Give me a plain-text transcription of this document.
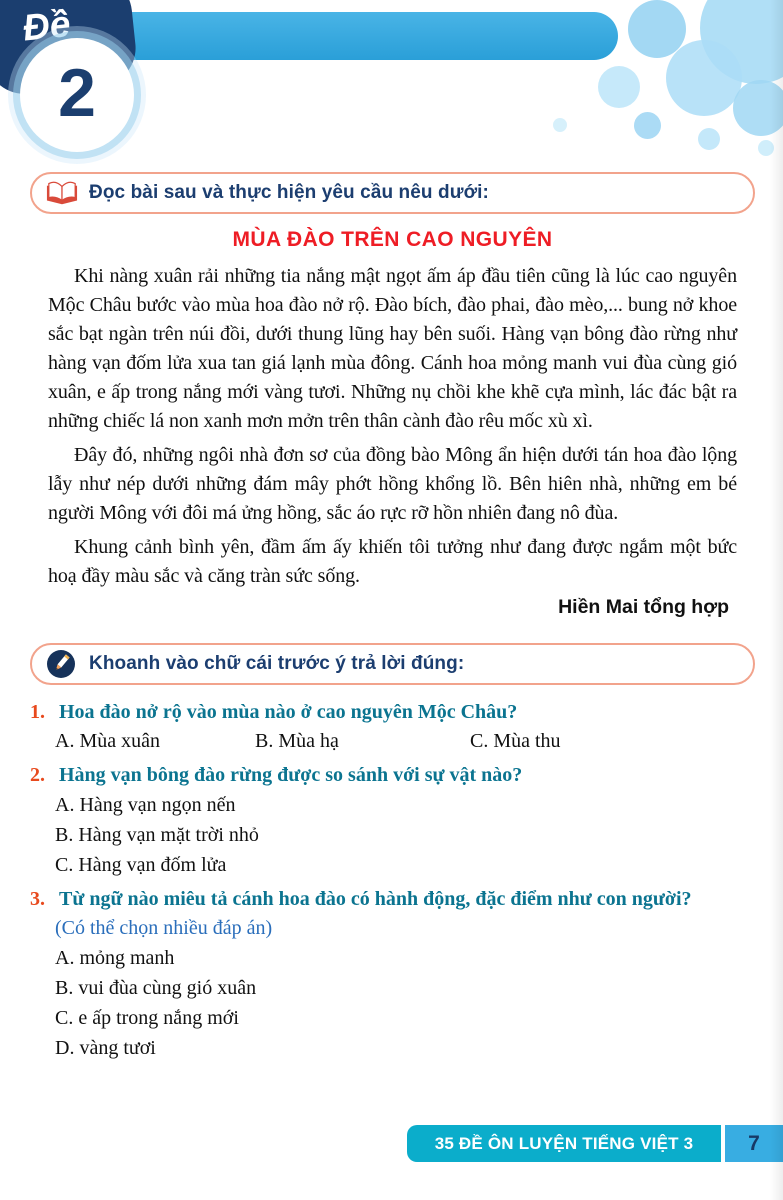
Đề
2
Đọc bài sau và thực hiện yêu cầu nêu dưới:
MÙA ĐÀO TRÊN CAO NGUYÊN

Khi nàng xuân rải những tia nắng mật ngọt ấm áp đầu tiên cũng là lúc cao nguyên Mộc Châu bước vào mùa hoa đào nở rộ. Đào bích, đào phai, đào mèo,... bung nở khoe sắc bạt ngàn trên núi đồi, dưới thung lũng hay bên suối. Hàng vạn bông đào rừng như hàng vạn đốm lửa xua tan giá lạnh mùa đông. Cánh hoa mỏng manh vui đùa cùng gió xuân, e ấp trong nắng mới vàng tươi. Những nụ chồi khe khẽ cựa mình, lác đác bật ra những chiếc lá non xanh mơn mởn trên thân cành đào rêu mốc xù xì.

Đây đó, những ngôi nhà đơn sơ của đồng bào Mông ẩn hiện dưới tán hoa đào lộng lẫy như nép dưới những đám mây phớt hồng khổng lồ. Bên hiên nhà, những em bé người Mông với đôi má ửng hồng, sắc áo rực rỡ hồn nhiên đang nô đùa.

Khung cảnh bình yên, đầm ấm ấy khiến tôi tưởng như đang được ngắm một bức hoạ đầy màu sắc và căng tràn sức sống.

Hiền Mai tổng hợp
Khoanh vào chữ cái trước ý trả lời đúng:
1. Hoa đào nở rộ vào mùa nào ở cao nguyên Mộc Châu?
A. Mùa xuân	B. Mùa hạ	C. Mùa thu
2. Hàng vạn bông đào rừng được so sánh với sự vật nào?
A. Hàng vạn ngọn nến
B. Hàng vạn mặt trời nhỏ
C. Hàng vạn đốm lửa
3. Từ ngữ nào miêu tả cánh hoa đào có hành động, đặc điểm như con người?
(Có thể chọn nhiều đáp án)
A. mỏng manh
B. vui đùa cùng gió xuân
C. e ấp trong nắng mới
D. vàng tươi
35 ĐỀ ÔN LUYỆN TIẾNG VIỆT 3	7
